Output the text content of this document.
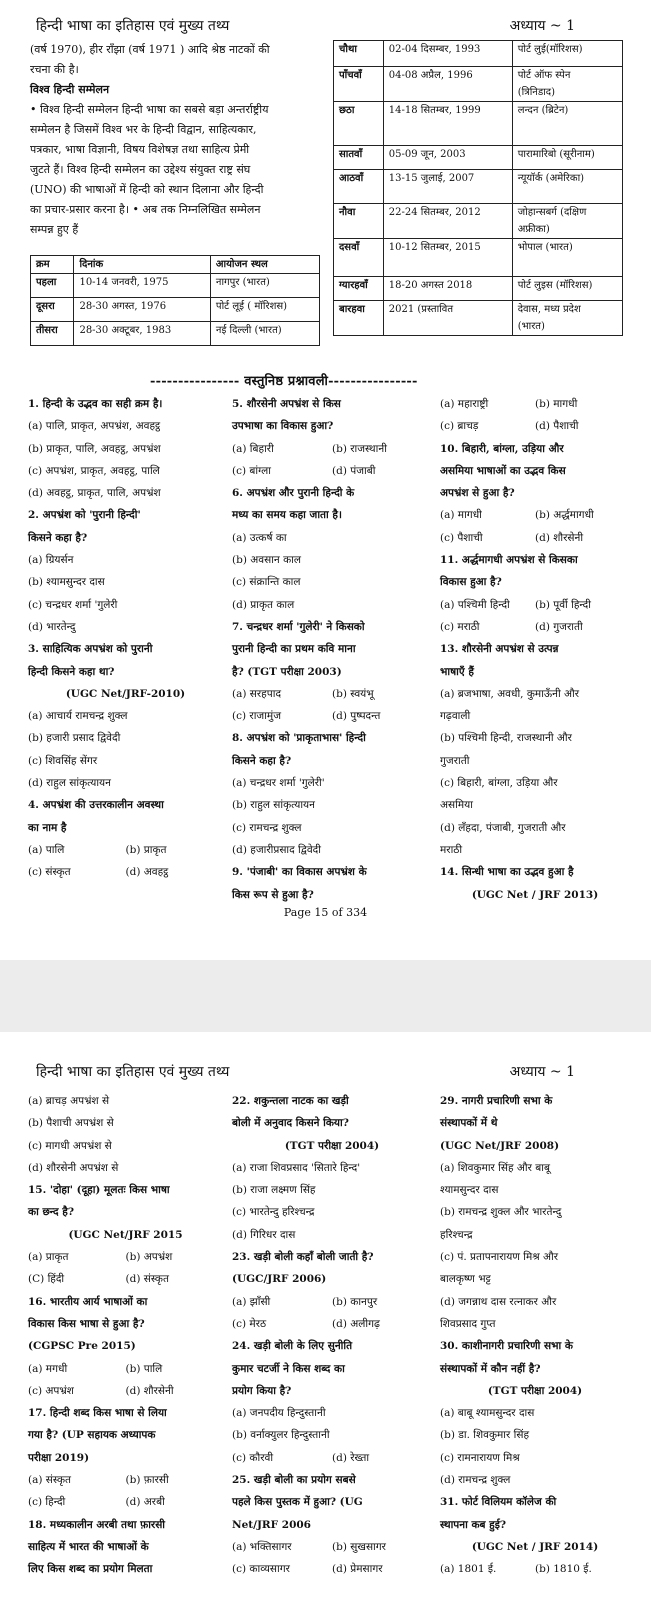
हिन्दी भाषा का इतिहास एवं मुख्य तथ्य	अध्याय ~ 1
(वर्ष 1970), हीर राँझा (वर्ष 1971 ) आदि श्रेष्ठ नाटकों की
रचना की है।
विश्व हिन्दी सम्मेलन
• विश्व हिन्दी सम्मेलन हिन्दी भाषा का सबसे बड़ा अन्तर्राष्ट्रीय
सम्मेलन है जिसमें विश्व भर के हिन्दी विद्वान, साहित्यकार,
पत्रकार, भाषा विज्ञानी, विषय विशेषज्ञ तथा साहित्य प्रेमी
जुटते हैं। विश्व हिन्दी सम्मेलन का उद्देश्य संयुक्त राष्ट्र संघ
(UNO) की भाषाओं में हिन्दी को स्थान दिलाना और हिन्दी
का प्रचार-प्रसार करना है। • अब तक निम्नलिखित सम्मेलन
सम्पन्न हुए हैं
क्रम	दिनांक	आयोजन स्थल
पहला	10-14 जनवरी, 1975	नागपुर (भारत)
दूसरा	28-30 अगस्त, 1976	पोर्ट लूई ( मॉरिशस)
तीसरा	28-30 अक्टूबर, 1983	नई दिल्ली (भारत)
चौथा	02-04 दिसम्बर, 1993	पोर्ट लुई(मॉरिशस)
पाँचवाँ	04-08 अप्रैल, 1996	पोर्ट ऑफ स्पेन
(त्रिनिडाद)

छठा	14-18 सितम्बर, 1999	लन्दन (ब्रिटेन)
सातवाँ	05-09 जून, 2003	पारामारिबो (सूरीनाम)
आठवाँ	13-15 जुलाई, 2007	न्यूयॉर्क (अमेरिका)
नौवा	22-24 सितम्बर, 2012	जोहान्सबर्ग (दक्षिण
अफ्रीका)

दसवाँ	10-12 सितम्बर, 2015	भोपाल (भारत)
ग्यारहवाँ	18-20 अगस्त 2018	पोर्ट लुइस (मॉरिशस)
बारहवा	2021 (प्रस्तावित	देवास, मध्य प्रदेश
(भारत)
---------------- वस्तुनिष्ठ प्रश्नावली----------------
1. हिन्दी के उद्भव का सही क्रम है।
(a) पालि, प्राकृत, अपभ्रंश, अवहट्ठ
(b) प्राकृत, पालि, अवहट्ठ, अपभ्रंश
(c) अपभ्रंश, प्राकृत, अवहट्ठ, पालि
(d) अवहट्ठ, प्राकृत, पालि, अपभ्रंश
2. अपभ्रंश को 'पुरानी हिन्दी'
किसने कहा है?
(a) ग्रियर्सन
(b) श्यामसुन्दर दास
(c) चन्द्रधर शर्मा 'गुलेरी
(d) भारतेन्दु
3. साहित्यिक अपभ्रंश को पुरानी
हिन्दी किसने कहा था?
(UGC Net/JRF-2010)
(a) आचार्य रामचन्द्र शुक्ल
(b) हजारी प्रसाद द्विवेदी
(c) शिवसिंह सेंगर
(d) राहुल सांकृत्यायन
4. अपभ्रंश की उत्तरकालीन अवस्था
का नाम है
(a) पालि	(b) प्राकृत
(c) संस्कृत	(d) अवहट्ठ
5. शौरसेनी अपभ्रंश से किस
उपभाषा का विकास हुआ?
(a) बिहारी	(b) राजस्थानी
(c) बांग्ला	(d) पंजाबी
6. अपभ्रंश और पुरानी हिन्दी के
मध्य का समय कहा जाता है।
(a) उत्कर्ष का
(b) अवसान काल
(c) संक्रान्ति काल
(d) प्राकृत काल
7. चन्द्रधर शर्मा 'गुलेरी' ने किसको
पुरानी हिन्दी का प्रथम कवि माना
है? (TGT परीक्षा 2003)
(a) सरहपाद	(b) स्वयंभू
(c) राजामुंज	(d) पुष्पदन्त
8. अपभ्रंश को 'प्राकृताभास' हिन्दी
किसने कहा है?
(a) चन्द्रधर शर्मा 'गुलेरी'
(b) राहुल सांकृत्यायन
(c) रामचन्द्र शुक्ल
(d) हजारीप्रसाद द्विवेदी
9. 'पंजाबी' का विकास अपभ्रंश के
किस रूप से हुआ है?
(a) महाराष्ट्री	(b) मागधी
(c) ब्राचड़	(d) पैशाची
10. बिहारी, बांग्ला, उड़िया और
असमिया भाषाओं का उद्भव किस
अपभ्रंश से हुआ है?
(a) मागधी	(b) अर्द्धमागधी
(c) पैशाची	(d) शौरसेनी
11. अर्द्धमागधी अपभ्रंश से किसका
विकास हुआ है?
(a) पश्चिमी हिन्दी	(b) पूर्वी हिन्दी
(c) मराठी	(d) गुजराती
13. शौरसेनी अपभ्रंश से उत्पन्न
भाषाएँ हैं
(a) ब्रजभाषा, अवधी, कुमाऊँनी और
गढ़वाली
(b) पश्चिमी हिन्दी, राजस्थानी और
गुजराती
(c) बिहारी, बांग्ला, उड़िया और
असमिया
(d) लँहदा, पंजाबी, गुजराती और
मराठी
14. सिन्धी भाषा का उद्भव हुआ है
(UGC Net / JRF 2013)
Page 15 of 334
हिन्दी भाषा का इतिहास एवं मुख्य तथ्य	अध्याय ~ 1
(a) ब्राचड़ अपभ्रंश से
(b) पैशाची अपभ्रंश से
(c) मागधी अपभ्रंश से
(d) शौरसेनी अपभ्रंश से
15. 'दोहा' (दूहा) मूलतः किस भाषा
का छन्द है?
(UGC Net/JRF 2015
(a) प्राकृत	(b) अपभ्रंश
(C) हिंदी	(d) संस्कृत
16. भारतीय आर्य भाषाओं का
विकास किस भाषा से हुआ है?
(CGPSC Pre 2015)
(a) मगधी	(b) पालि
(c) अपभ्रंश	(d) शौरसेनी
17. हिन्दी शब्द किस भाषा से लिया
गया है? (UP सहायक अध्यापक
परीक्षा 2019)
(a) संस्कृत	(b) फ़ारसी
(c) हिन्दी	(d) अरबी
18. मध्यकालीन अरबी तथा फ़ारसी
साहित्य में भारत की भाषाओं के
लिए किस शब्द का प्रयोग मिलता
22. शकुन्तला नाटक का खड़ी
बोली में अनुवाद किसने किया?
(TGT परीक्षा 2004)
(a) राजा शिवप्रसाद 'सितारे हिन्द'
(b) राजा लक्ष्मण सिंह
(c) भारतेन्दु हरिश्चन्द्र
(d) गिरिधर दास
23. खड़ी बोली कहाँ बोली जाती है?
(UGC/JRF 2006)
(a) झाँसी	(b) कानपुर
(c) मेरठ	(d) अलीगढ़
24. खड़ी बोली के लिए सुनीति
कुमार चटर्जी ने किस शब्द का
प्रयोग किया है?
(a) जनपदीय हिन्दुस्तानी
(b) वर्नाक्युलर हिन्दुस्तानी
(c) कौरवी	(d) रेख्ता
25. खड़ी बोली का प्रयोग सबसे
पहले किस पुस्तक में हुआ? (UG
Net/JRF 2006
(a) भक्तिसागर	(b) सुखसागर
(c) काव्यसागर	(d) प्रेमसागर
29. नागरी प्रचारिणी सभा के
संस्थापकों में थे
(UGC Net/JRF 2008)
(a) शिवकुमार सिंह और बाबू
श्यामसुन्दर दास
(b) रामचन्द्र शुक्ल और भारतेन्दु
हरिश्चन्द्र
(c) पं. प्रतापनारायण मिश्र और
बालकृष्ण भट्ट
(d) जगन्नाथ दास रत्नाकर और
शिवप्रसाद गुप्त
30. काशीनागरी प्रचारिणी सभा के
संस्थापकों में कौन नहीं है?
(TGT परीक्षा 2004)
(a) बाबू श्यामसुन्दर दास
(b) डा. शिवकुमार सिंह
(c) रामनारायण मिश्र
(d) रामचन्द्र शुक्ल
31. फोर्ट विलियम कॉलेज की
स्थापना कब हुई?
(UGC Net / JRF 2014)
(a) 1801 ई.	(b) 1810 ई.
